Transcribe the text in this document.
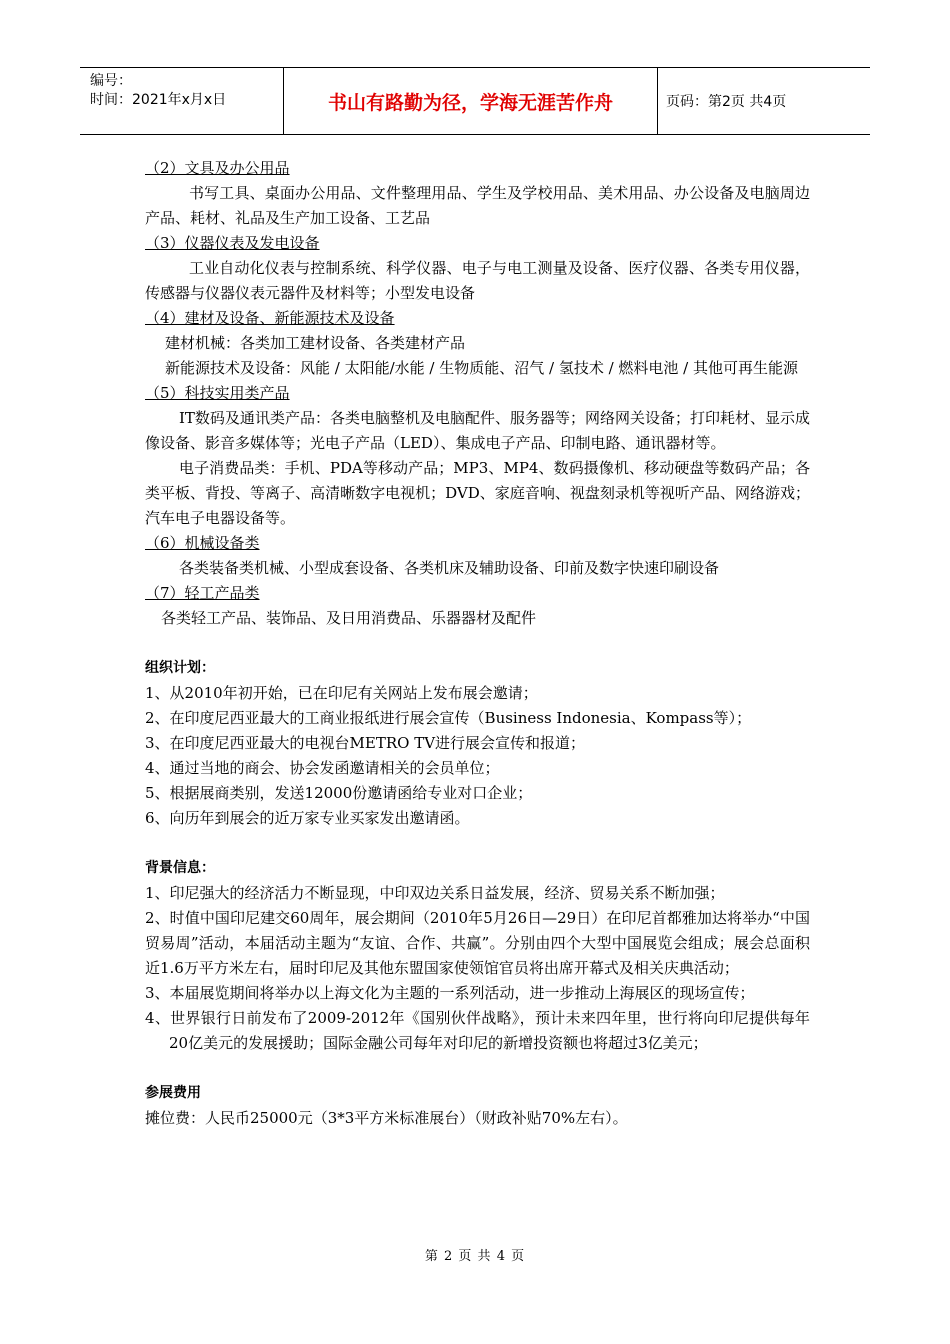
编号：
时间：2021年x月x日	书山有路勤为径，学海无涯苦作舟	页码：第2页 共4页
（2）文具及办公用品
书写工具、桌面办公用品、文件整理用品、学生及学校用品、美术用品、办公设备及电脑周边产品、耗材、礼品及生产加工设备、工艺品
（3）仪器仪表及发电设备
工业自动化仪表与控制系统、科学仪器、电子与电工测量及设备、医疗仪器、各类专用仪器，传感器与仪器仪表元器件及材料等；小型发电设备
（4）建材及设备、新能源技术及设备
建材机械：各类加工建材设备、各类建材产品
新能源技术及设备：风能 / 太阳能/水能 / 生物质能、沼气 / 氢技术 / 燃料电池 / 其他可再生能源
（5）科技实用类产品
IT数码及通讯类产品：各类电脑整机及电脑配件、服务器等；网络网关设备；打印耗材、显示成像设备、影音多媒体等；光电子产品（LED）、集成电子产品、印制电路、通讯器材等。
电子消费品类：手机、PDA等移动产品；MP3、MP4、数码摄像机、移动硬盘等数码产品；各类平板、背投、等离子、高清晰数字电视机；DVD、家庭音响、视盘刻录机等视听产品、网络游戏；汽车电子电器设备等。
（6）机械设备类
各类装备类机械、小型成套设备、各类机床及辅助设备、印前及数字快速印刷设备
（7）轻工产品类
各类轻工产品、装饰品、及日用消费品、乐器器材及配件
组织计划：
1、从2010年初开始，已在印尼有关网站上发布展会邀请；
2、在印度尼西亚最大的工商业报纸进行展会宣传（Business Indonesia、Kompass等）；
3、在印度尼西亚最大的电视台METRO TV进行展会宣传和报道；
4、通过当地的商会、协会发函邀请相关的会员单位；
5、根据展商类别，发送12000份邀请函给专业对口企业；
6、向历年到展会的近万家专业买家发出邀请函。
背景信息：
1、印尼强大的经济活力不断显现，中印双边关系日益发展，经济、贸易关系不断加强；
2、时值中国印尼建交60周年，展会期间（2010年5月26日—29日）在印尼首都雅加达将举办“中国贸易周”活动，本届活动主题为“友谊、合作、共赢”。分别由四个大型中国展览会组成；展会总面积近1.6万平方米左右，届时印尼及其他东盟国家使领馆官员将出席开幕式及相关庆典活动；
3、本届展览期间将举办以上海文化为主题的一系列活动，进一步推动上海展区的现场宣传；
4、世界银行日前发布了2009-2012年《国别伙伴战略》，预计未来四年里，世行将向印尼提供每年20亿美元的发展援助；国际金融公司每年对印尼的新增投资额也将超过3亿美元；
参展费用
摊位费：人民币25000元（3*3平方米标准展台）（财政补贴70%左右）。
第 2 页 共 4 页
